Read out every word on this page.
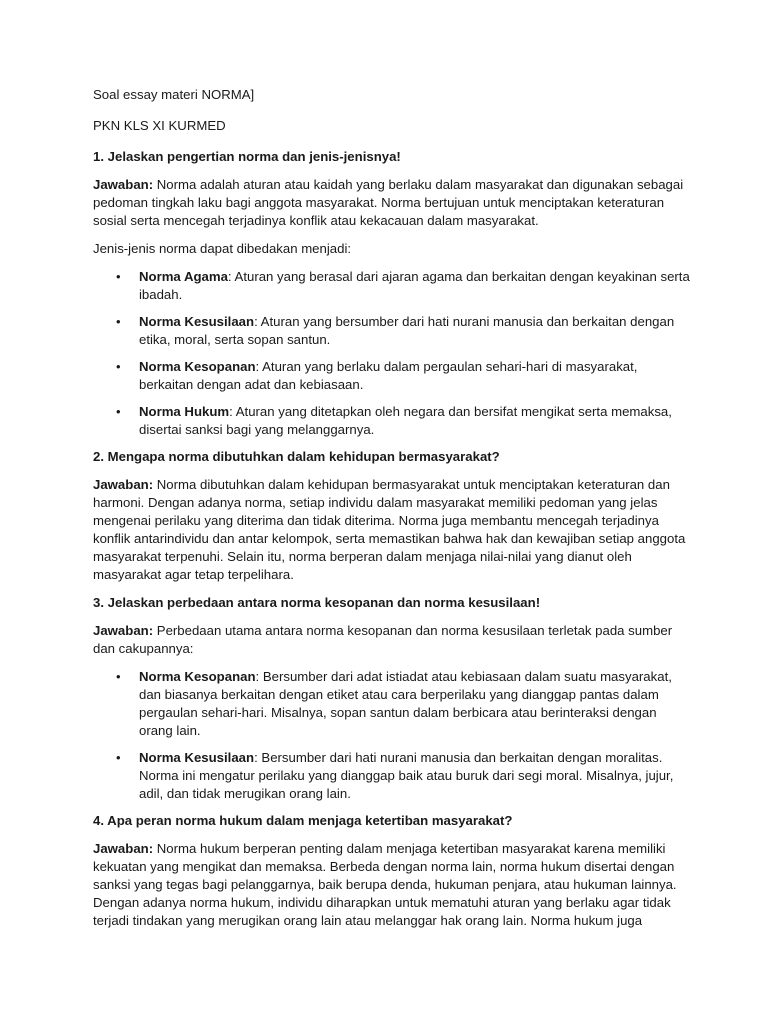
Soal essay materi NORMA]

PKN KLS XI KURMED

1. Jelaskan pengertian norma dan jenis-jenisnya!

Jawaban: Norma adalah aturan atau kaidah yang berlaku dalam masyarakat dan digunakan sebagai pedoman tingkah laku bagi anggota masyarakat. Norma bertujuan untuk menciptakan keteraturan sosial serta mencegah terjadinya konflik atau kekacauan dalam masyarakat.

Jenis-jenis norma dapat dibedakan menjadi:

• Norma Agama: Aturan yang berasal dari ajaran agama dan berkaitan dengan keyakinan serta ibadah.
• Norma Kesusilaan: Aturan yang bersumber dari hati nurani manusia dan berkaitan dengan etika, moral, serta sopan santun.
• Norma Kesopanan: Aturan yang berlaku dalam pergaulan sehari-hari di masyarakat, berkaitan dengan adat dan kebiasaan.
• Norma Hukum: Aturan yang ditetapkan oleh negara dan bersifat mengikat serta memaksa, disertai sanksi bagi yang melanggarnya.

2. Mengapa norma dibutuhkan dalam kehidupan bermasyarakat?

Jawaban: Norma dibutuhkan dalam kehidupan bermasyarakat untuk menciptakan keteraturan dan harmoni. Dengan adanya norma, setiap individu dalam masyarakat memiliki pedoman yang jelas mengenai perilaku yang diterima dan tidak diterima. Norma juga membantu mencegah terjadinya konflik antarindividu dan antar kelompok, serta memastikan bahwa hak dan kewajiban setiap anggota masyarakat terpenuhi. Selain itu, norma berperan dalam menjaga nilai-nilai yang dianut oleh masyarakat agar tetap terpelihara.

3. Jelaskan perbedaan antara norma kesopanan dan norma kesusilaan!

Jawaban: Perbedaan utama antara norma kesopanan dan norma kesusilaan terletak pada sumber dan cakupannya:

• Norma Kesopanan: Bersumber dari adat istiadat atau kebiasaan dalam suatu masyarakat, dan biasanya berkaitan dengan etiket atau cara berperilaku yang dianggap pantas dalam pergaulan sehari-hari. Misalnya, sopan santun dalam berbicara atau berinteraksi dengan orang lain.
• Norma Kesusilaan: Bersumber dari hati nurani manusia dan berkaitan dengan moralitas. Norma ini mengatur perilaku yang dianggap baik atau buruk dari segi moral. Misalnya, jujur, adil, dan tidak merugikan orang lain.

4. Apa peran norma hukum dalam menjaga ketertiban masyarakat?

Jawaban: Norma hukum berperan penting dalam menjaga ketertiban masyarakat karena memiliki kekuatan yang mengikat dan memaksa. Berbeda dengan norma lain, norma hukum disertai dengan sanksi yang tegas bagi pelanggarnya, baik berupa denda, hukuman penjara, atau hukuman lainnya. Dengan adanya norma hukum, individu diharapkan untuk mematuhi aturan yang berlaku agar tidak terjadi tindakan yang merugikan orang lain atau melanggar hak orang lain. Norma hukum juga
